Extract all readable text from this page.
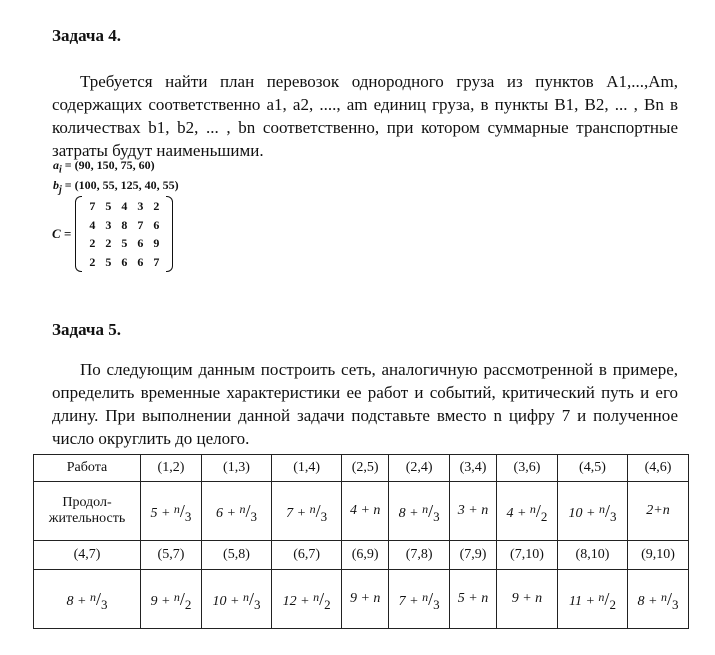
Задача 4.
Требуется найти план перевозок однородного груза из пунктов A1,...,Am, содержащих соответственно a1, a2, ...., am единиц груза, в пункты B1, B2, ... , Bn в количествах b1, b2, ... , bn соответственно, при котором суммарные транспортные затраты будут наименьшими.
$a_i = (90$, 150, 75, 60)
$b_j = (100$, 55, 125, 40, 55)
C =
7 5 4 3 2
4 3 8 7 6
2 2 5 6 9
2 5 6 6 7
Задача 5.
По следующим данным построить сеть, аналогичную рассмотренной в примере, определить временные характеристики ее работ и событий, критический путь и его длину. При выполнении данной задачи подставьте вместо n цифру 7 и полученное число округлить до целого.
Работа	(1,2)	(1,3)	(1,4)	(2,5)	(2,4)	(3,4)	(3,6)	(4,5)	(4,6)
Продол-жительность	5 + n/3	6 + n/3	7 + n/3	4 + n	8 + n/3	3 + n	4 + n/2	10 + n/3	2+n
(4,7)	(5,7)	(5,8)	(6,7)	(6,9)	(7,8)	(7,9)	(7,10)	(8,10)	(9,10)
8 + n/3	9 + n/2	10 + n/3	12 + n/2	9 + n	7 + n/3	5 + n	9 + n	11 + n/2	8 + n/3
